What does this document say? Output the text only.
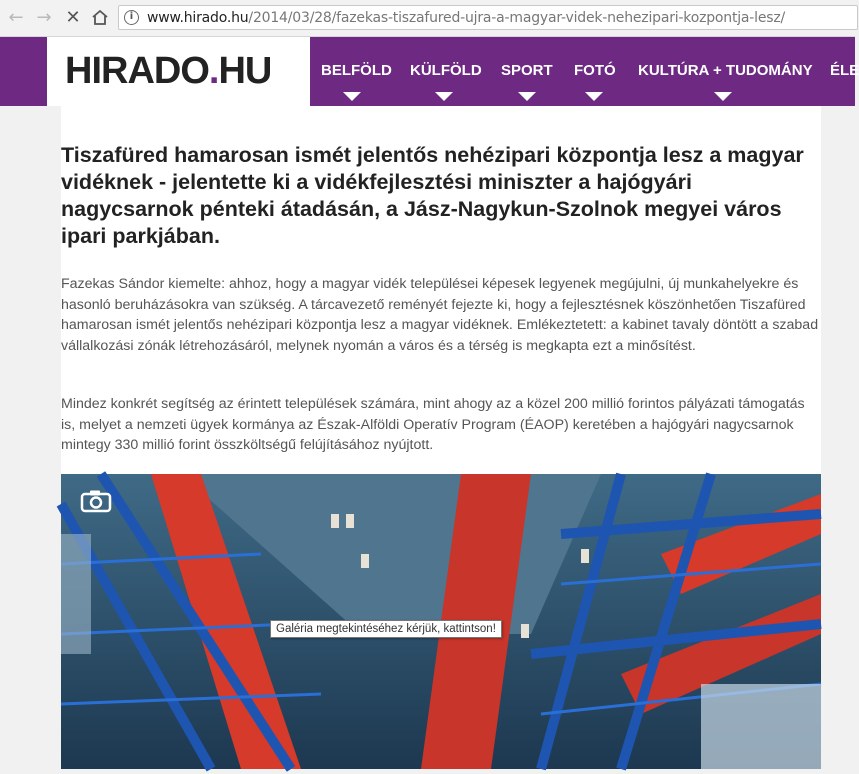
← → ✕	i www.hirado.hu/2014/03/28/fazekas-tiszafured-ujra-a-magyar-videk-nehezipari-kozpontja-lesz/
HIRADO.HU	BELFÖLD KÜLFÖLD SPORT FOTÓ KULTÚRA + TUDOMÁNY ÉLE
Tiszafüred hamarosan ismét jelentős nehézipari központja lesz a magyar vidéknek - jelentette ki a vidékfejlesztési miniszter a hajógyári nagycsarnok pénteki átadásán, a Jász-Nagykun-Szolnok megyei város ipari parkjában.

Fazekas Sándor kiemelte: ahhoz, hogy a magyar vidék települései képesek legyenek megújulni, új munkahelyekre és hasonló beruházásokra van szükség. A tárcavezető reményét fejezte ki, hogy a fejlesztésnek köszönhetően Tiszafüred hamarosan ismét jelentős nehézipari központja lesz a magyar vidéknek. Emlékeztetett: a kabinet tavaly döntött a szabad vállalkozási zónák létrehozásáról, melynek nyomán a város és a térség is megkapta ezt a minősítést.

Mindez konkrét segítség az érintett települések számára, mint ahogy az a közel 200 millió forintos pályázati támogatás is, melyet a nemzeti ügyek kormánya az Észak-Alföldi Operatív Program (ÉAOP) keretében a hajógyári nagycsarnok mintegy 330 millió forint összköltségű felújításához nyújtott.

Galéria megtekintéséhez kérjük, kattintson!
